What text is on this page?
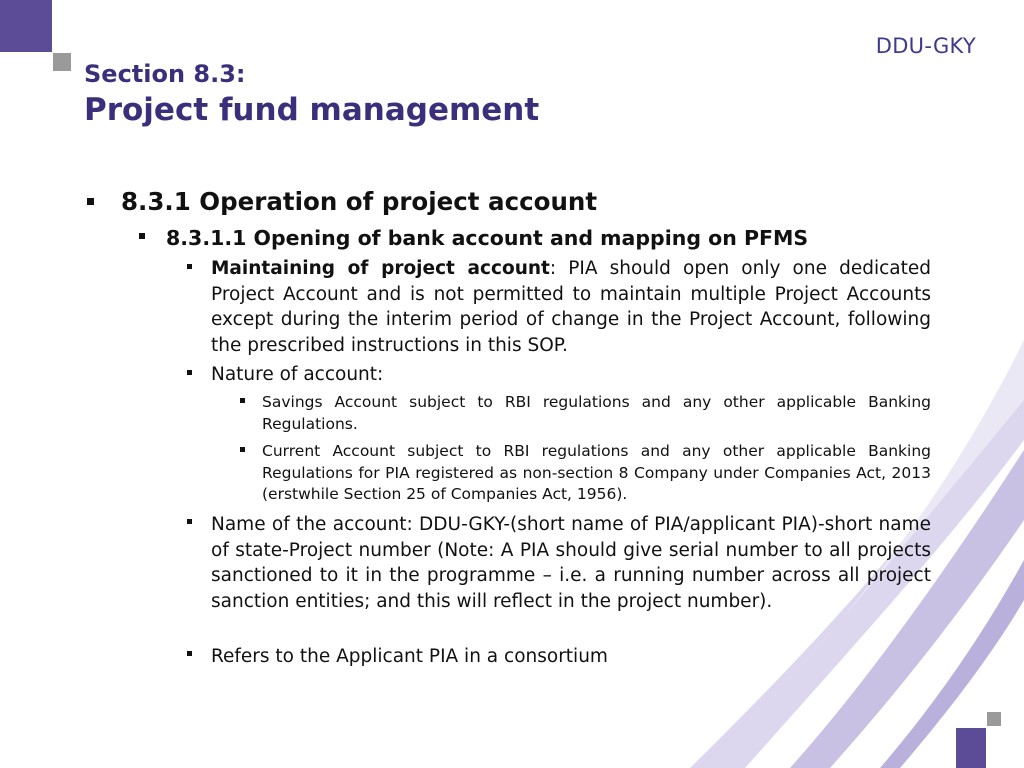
DDU-GKY
Section 8.3:
Project fund management
8.3.1 Operation of project account
8.3.1.1 Opening of bank account and mapping on PFMS
Maintaining of project account: PIA should open only one dedicated Project Account and is not permitted to maintain multiple Project Accounts except during the interim period of change in the Project Account, following the prescribed instructions in this SOP.
Nature of account:
Savings Account subject to RBI regulations and any other applicable Banking Regulations.
Current Account subject to RBI regulations and any other applicable Banking Regulations for PIA registered as non-section 8 Company under Companies Act, 2013 (erstwhile Section 25 of Companies Act, 1956).
Name of the account: DDU-GKY-(short name of PIA/applicant PIA)-short name of state-Project number (Note: A PIA should give serial number to all projects sanctioned to it in the programme – i.e. a running number across all project sanction entities; and this will reflect in the project number).
Refers to the Applicant PIA in a consortium
